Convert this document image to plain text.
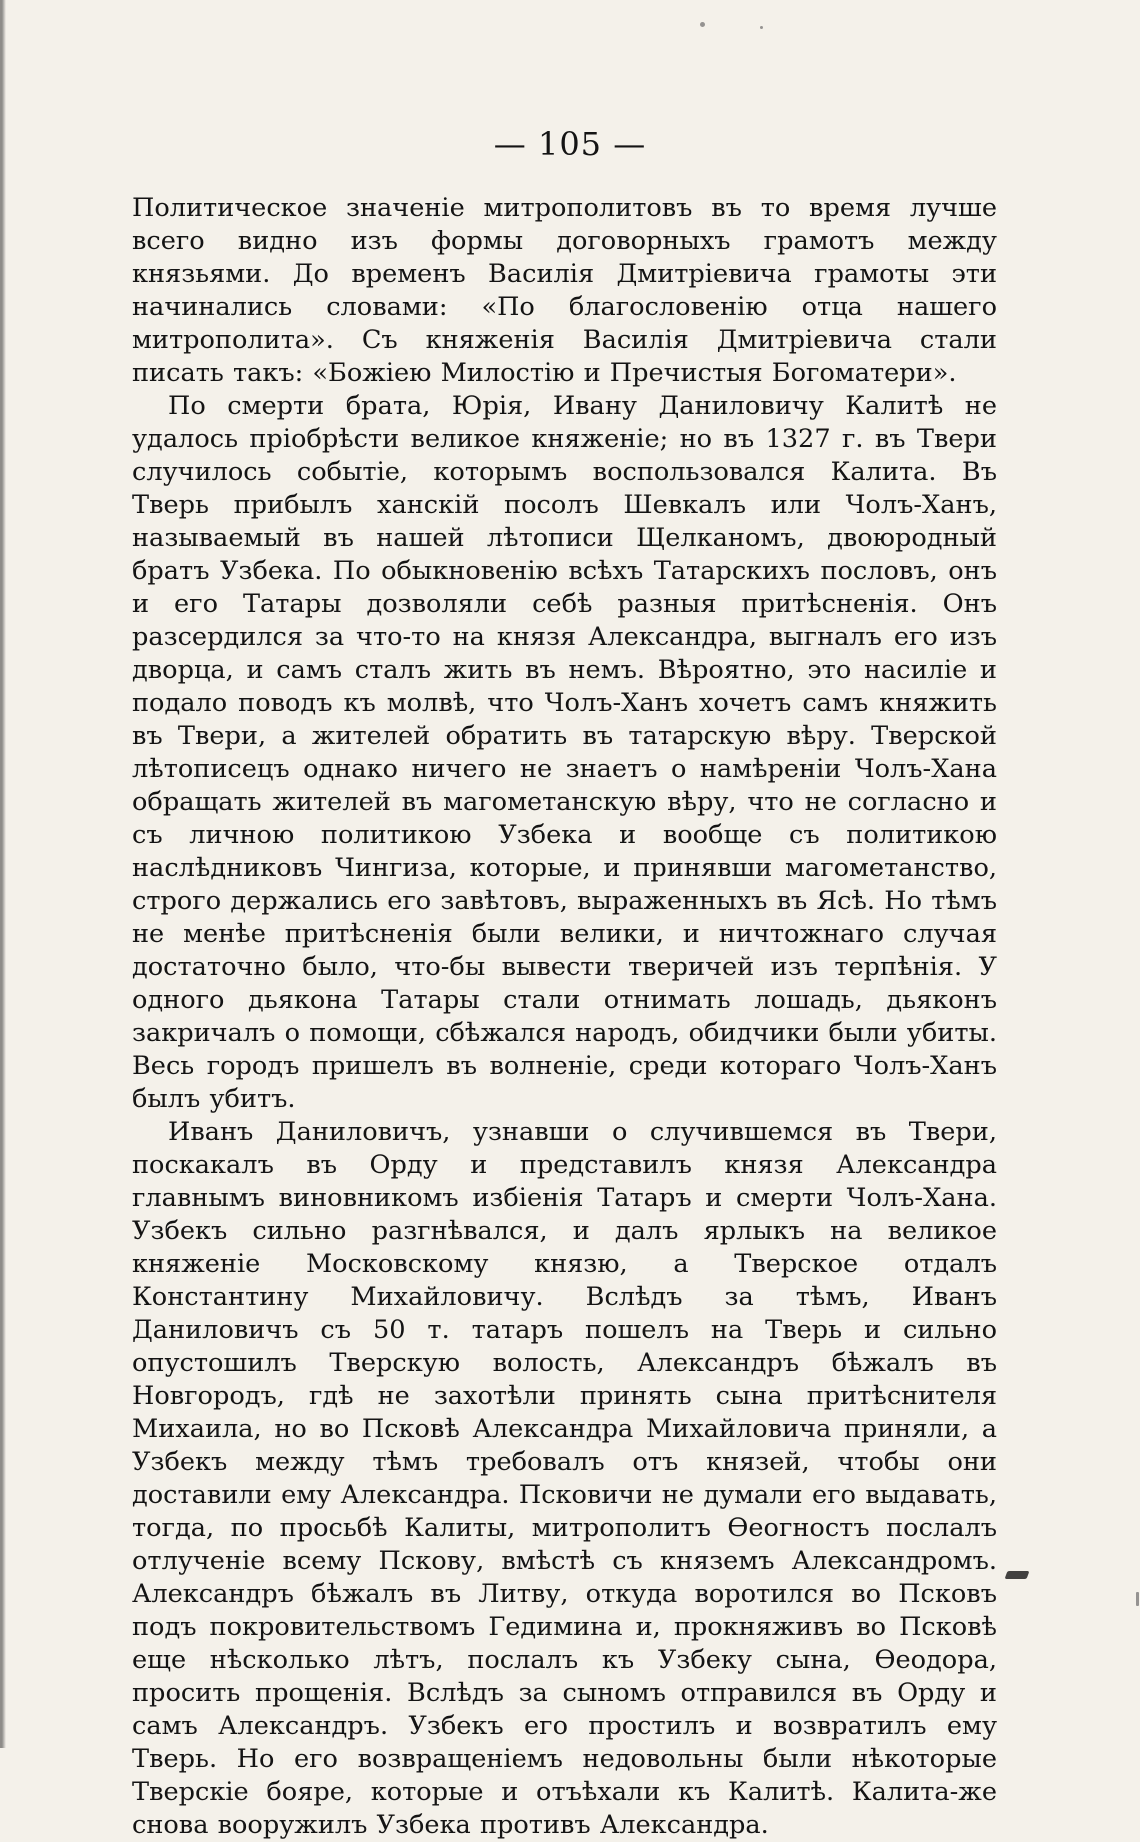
— 105 —

Политическое значеніе митрополитовъ въ то время лучше всего видно изъ формы договорныхъ грамотъ между князьями. До временъ Василія Дмитріевича грамоты эти начинались словами: «По благословенію отца нашего митрополита». Съ княженія Василія Дмитріевича стали писать такъ: «Божіею Милостію и Пречистыя Богоматери».

По смерти брата, Юрія, Ивану Даниловичу Калитѣ не удалось пріобрѣсти великое княженіе; но въ 1327 г. въ Твери случилось событіе, которымъ воспользовался Калита. Въ Тверь прибылъ ханскій посолъ Шевкалъ или Чолъ-Ханъ, называемый въ нашей лѣтописи Щелканомъ, двоюродный братъ Узбека. По обыкновенію всѣхъ Татарскихъ пословъ, онъ и его Татары дозволяли себѣ разныя притѣсненія. Онъ разсердился за что-то на князя Александра, выгналъ его изъ дворца, и самъ сталъ жить въ немъ. Вѣроятно, это насиліе и подало поводъ къ молвѣ, что Чолъ-Ханъ хочетъ самъ княжить въ Твери, а жителей обратить въ татарскую вѣру. Тверской лѣтописецъ однако ничего не знаетъ о намѣреніи Чолъ-Хана обращать жителей въ магометанскую вѣру, что не согласно и съ личною политикою Узбека и вообще съ политикою наслѣдниковъ Чингиза, которые, и принявши магометанство, строго держались его завѣтовъ, выраженныхъ въ Ясѣ. Но тѣмъ не менѣе притѣсненія были велики, и ничтожнаго случая достаточно было, что-бы вывести тверичей изъ терпѣнія. У одного дьякона Татары стали отнимать лошадь, дьяконъ закричалъ о помощи, сбѣжался народъ, обидчики были убиты. Весь городъ пришелъ въ волненіе, среди котораго Чолъ-Ханъ былъ убитъ.

Иванъ Даниловичъ, узнавши о случившемся въ Твери, поскакалъ въ Орду и представилъ князя Александра главнымъ виновникомъ избіенія Татаръ и смерти Чолъ-Хана. Узбекъ сильно разгнѣвался, и далъ ярлыкъ на великое княженіе Московскому князю, а Тверское отдалъ Константину Михайловичу. Вслѣдъ за тѣмъ, Иванъ Даниловичъ съ 50 т. татаръ пошелъ на Тверь и сильно опустошилъ Тверскую волость, Александръ бѣжалъ въ Новгородъ, гдѣ не захотѣли принять сына притѣснителя Михаила, но во Псковѣ Александра Михайловича приняли, а Узбекъ между тѣмъ требовалъ отъ князей, чтобы они доставили ему Александра. Псковичи не думали его выдавать, тогда, по просьбѣ Калиты, митрополитъ Ѳеогностъ послалъ отлученіе всему Пскову, вмѣстѣ съ княземъ Александромъ. Александръ бѣжалъ въ Литву, откуда воротился во Псковъ подъ покровительствомъ Гедимина и, прокняживъ во Псковѣ еще нѣсколько лѣтъ, послалъ къ Узбеку сына, Ѳеодора, просить прощенія. Вслѣдъ за сыномъ отправился въ Орду и самъ Александръ. Узбекъ его простилъ и возвратилъ ему Тверь. Но его возвращеніемъ недовольны были нѣкоторые Тверскіе бояре, которые и отъѣхали къ Калитѣ. Калита-же снова вооружилъ Узбека противъ Александра.
